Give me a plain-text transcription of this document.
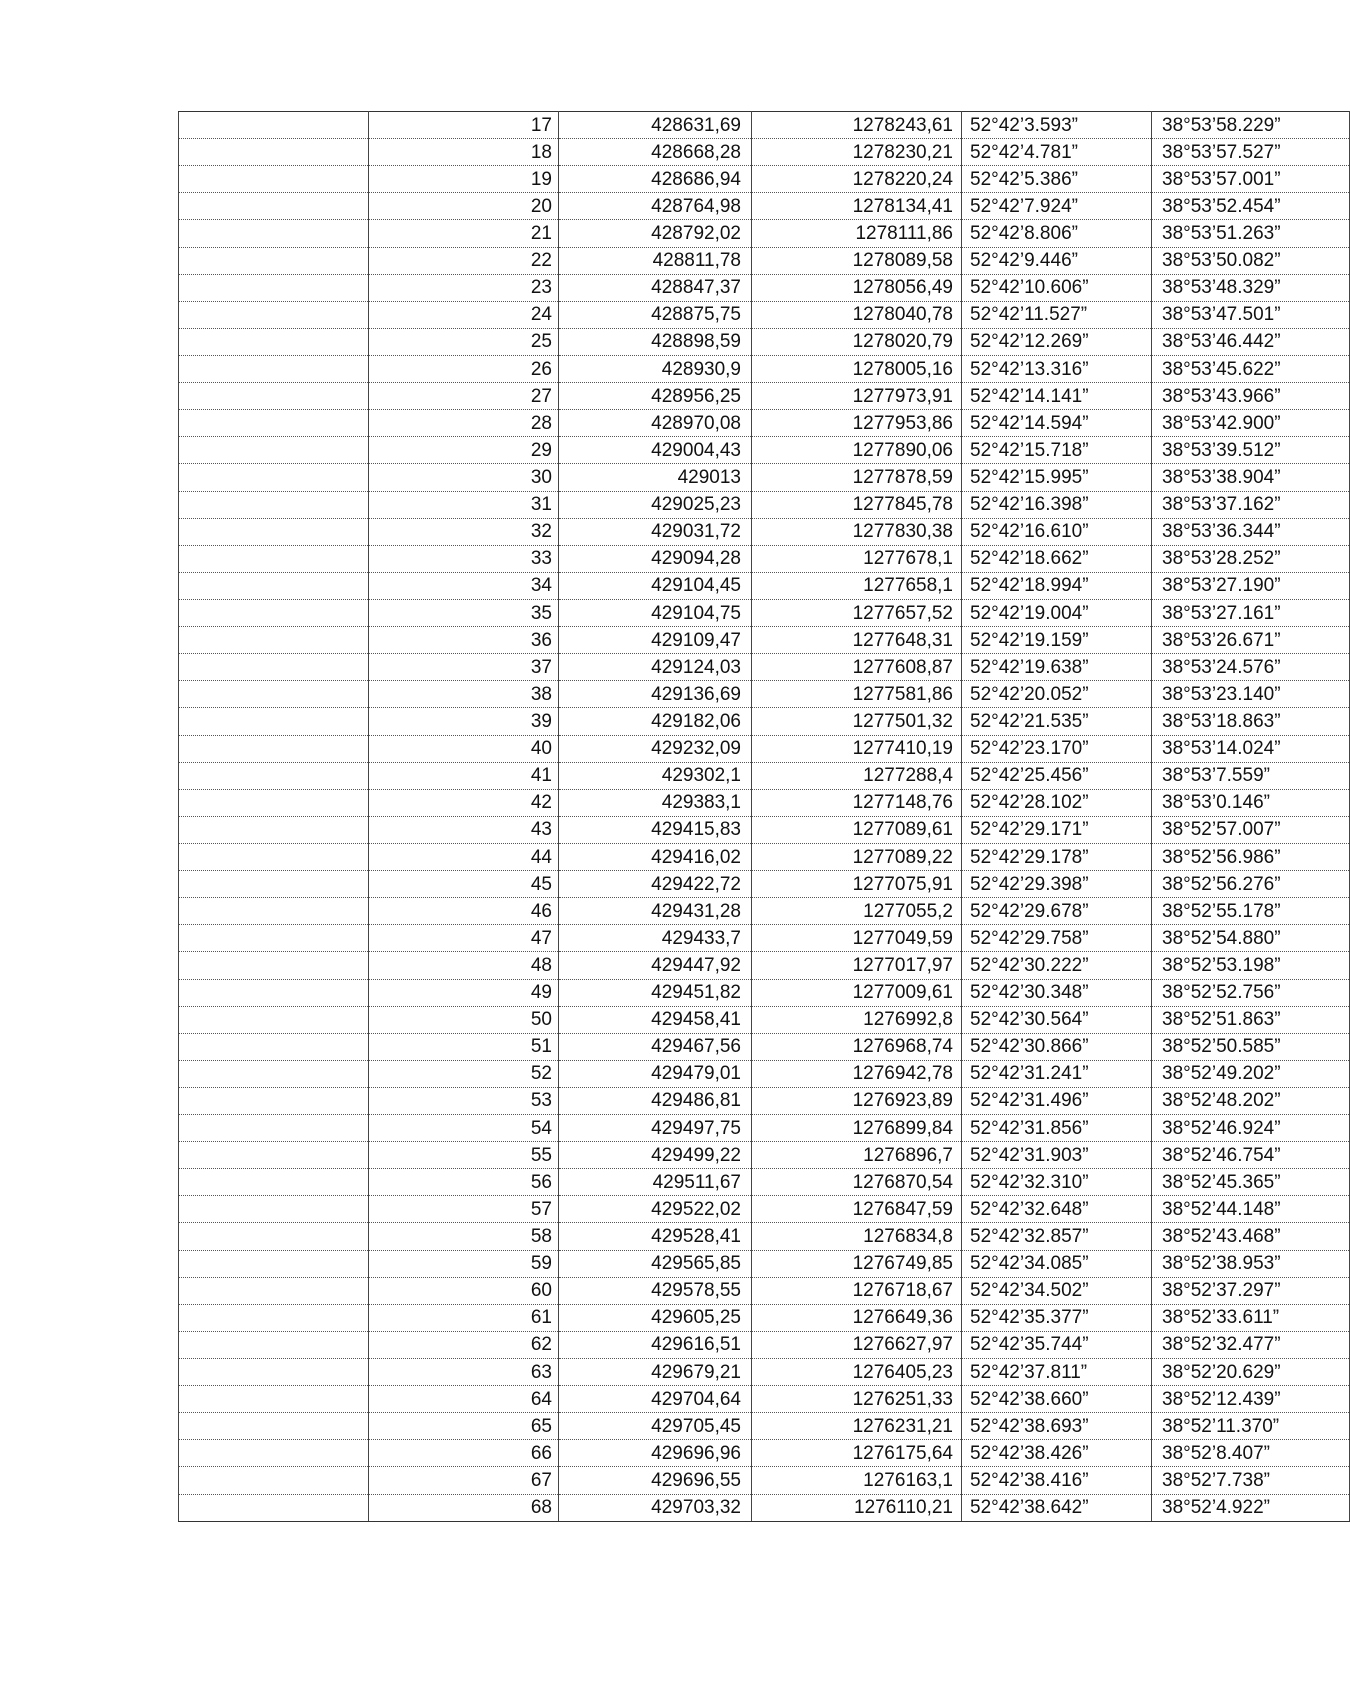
	17	428631,69	1278243,61	52°42’3.593”	38°53’58.229”
	18	428668,28	1278230,21	52°42’4.781”	38°53’57.527”
	19	428686,94	1278220,24	52°42’5.386”	38°53’57.001”
	20	428764,98	1278134,41	52°42’7.924”	38°53’52.454”
	21	428792,02	1278111,86	52°42’8.806”	38°53’51.263”
	22	428811,78	1278089,58	52°42’9.446”	38°53’50.082”
	23	428847,37	1278056,49	52°42’10.606”	38°53’48.329”
	24	428875,75	1278040,78	52°42’11.527”	38°53’47.501”
	25	428898,59	1278020,79	52°42’12.269”	38°53’46.442”
	26	428930,9	1278005,16	52°42’13.316”	38°53’45.622”
	27	428956,25	1277973,91	52°42’14.141”	38°53’43.966”
	28	428970,08	1277953,86	52°42’14.594”	38°53’42.900”
	29	429004,43	1277890,06	52°42’15.718”	38°53’39.512”
	30	429013	1277878,59	52°42’15.995”	38°53’38.904”
	31	429025,23	1277845,78	52°42’16.398”	38°53’37.162”
	32	429031,72	1277830,38	52°42’16.610”	38°53’36.344”
	33	429094,28	1277678,1	52°42’18.662”	38°53’28.252”
	34	429104,45	1277658,1	52°42’18.994”	38°53’27.190”
	35	429104,75	1277657,52	52°42’19.004”	38°53’27.161”
	36	429109,47	1277648,31	52°42’19.159”	38°53’26.671”
	37	429124,03	1277608,87	52°42’19.638”	38°53’24.576”
	38	429136,69	1277581,86	52°42’20.052”	38°53’23.140”
	39	429182,06	1277501,32	52°42’21.535”	38°53’18.863”
	40	429232,09	1277410,19	52°42’23.170”	38°53’14.024”
	41	429302,1	1277288,4	52°42’25.456”	38°53’7.559”
	42	429383,1	1277148,76	52°42’28.102”	38°53’0.146”
	43	429415,83	1277089,61	52°42’29.171”	38°52’57.007”
	44	429416,02	1277089,22	52°42’29.178”	38°52’56.986”
	45	429422,72	1277075,91	52°42’29.398”	38°52’56.276”
	46	429431,28	1277055,2	52°42’29.678”	38°52’55.178”
	47	429433,7	1277049,59	52°42’29.758”	38°52’54.880”
	48	429447,92	1277017,97	52°42’30.222”	38°52’53.198”
	49	429451,82	1277009,61	52°42’30.348”	38°52’52.756”
	50	429458,41	1276992,8	52°42’30.564”	38°52’51.863”
	51	429467,56	1276968,74	52°42’30.866”	38°52’50.585”
	52	429479,01	1276942,78	52°42’31.241”	38°52’49.202”
	53	429486,81	1276923,89	52°42’31.496”	38°52’48.202”
	54	429497,75	1276899,84	52°42’31.856”	38°52’46.924”
	55	429499,22	1276896,7	52°42’31.903”	38°52’46.754”
	56	429511,67	1276870,54	52°42’32.310”	38°52’45.365”
	57	429522,02	1276847,59	52°42’32.648”	38°52’44.148”
	58	429528,41	1276834,8	52°42’32.857”	38°52’43.468”
	59	429565,85	1276749,85	52°42’34.085”	38°52’38.953”
	60	429578,55	1276718,67	52°42’34.502”	38°52’37.297”
	61	429605,25	1276649,36	52°42’35.377”	38°52’33.611”
	62	429616,51	1276627,97	52°42’35.744”	38°52’32.477”
	63	429679,21	1276405,23	52°42’37.811”	38°52’20.629”
	64	429704,64	1276251,33	52°42’38.660”	38°52’12.439”
	65	429705,45	1276231,21	52°42’38.693”	38°52’11.370”
	66	429696,96	1276175,64	52°42’38.426”	38°52’8.407”
	67	429696,55	1276163,1	52°42’38.416”	38°52’7.738”
	68	429703,32	1276110,21	52°42’38.642”	38°52’4.922”
